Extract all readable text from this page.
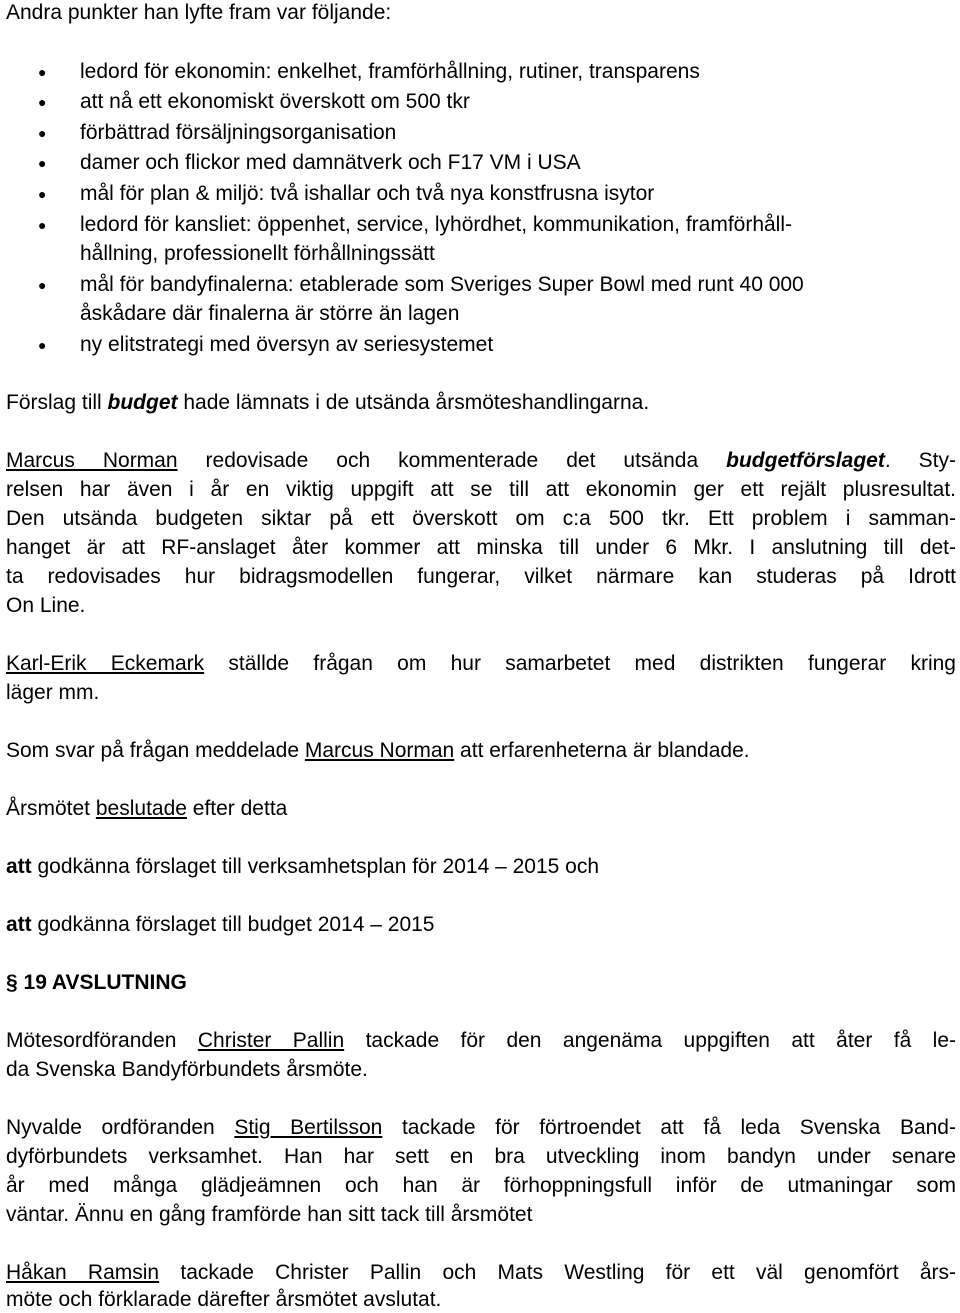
Andra punkter han lyfte fram var följande:
● ledord för ekonomin: enkelhet, framförhållning, rutiner, transparens
● att nå ett ekonomiskt överskott om 500 tkr
● förbättrad försäljningsorganisation
● damer och flickor med damnätverk och F17 VM i USA
● mål för plan & miljö: två ishallar och två nya konstfrusna isytor
● ledord för kansliet: öppenhet, service, lyhördhet, kommunikation, framförhåll-
hållning, professionellt förhållningssätt
● mål för bandyfinalerna: etablerade som Sveriges Super Bowl med runt 40 000
åskådare där finalerna är större än lagen
● ny elitstrategi med översyn av seriesystemet
Förslag till budget hade lämnats i de utsända årsmöteshandlingarna.
Marcus Norman redovisade och kommenterade det utsända budgetförslaget. Sty-
relsen har även i år en viktig uppgift att se till att ekonomin ger ett rejält plusresultat.
Den utsända budgeten siktar på ett överskott om c:a 500 tkr. Ett problem i samman-
hanget är att RF-anslaget åter kommer att minska till under 6 Mkr. I anslutning till det-
ta redovisades hur bidragsmodellen fungerar, vilket närmare kan studeras på Idrott
On Line.
Karl-Erik Eckemark ställde frågan om hur samarbetet med distrikten fungerar kring
läger mm.
Som svar på frågan meddelade Marcus Norman att erfarenheterna är blandade.
Årsmötet beslutade efter detta
att godkänna förslaget till verksamhetsplan för 2014 – 2015 och
att godkänna förslaget till budget 2014 – 2015
§ 19 AVSLUTNING
Mötesordföranden Christer Pallin tackade för den angenäma uppgiften att åter få le-
da Svenska Bandyförbundets årsmöte.
Nyvalde ordföranden Stig Bertilsson tackade för förtroendet att få leda Svenska Band-
dyförbundets verksamhet. Han har sett en bra utveckling inom bandyn under senare
år med många glädjeämnen och han är förhoppningsfull inför de utmaningar som
väntar. Ännu en gång framförde han sitt tack till årsmötet
Håkan Ramsin tackade Christer Pallin och Mats Westling för ett väl genomfört års-
möte och förklarade därefter årsmötet avslutat.
